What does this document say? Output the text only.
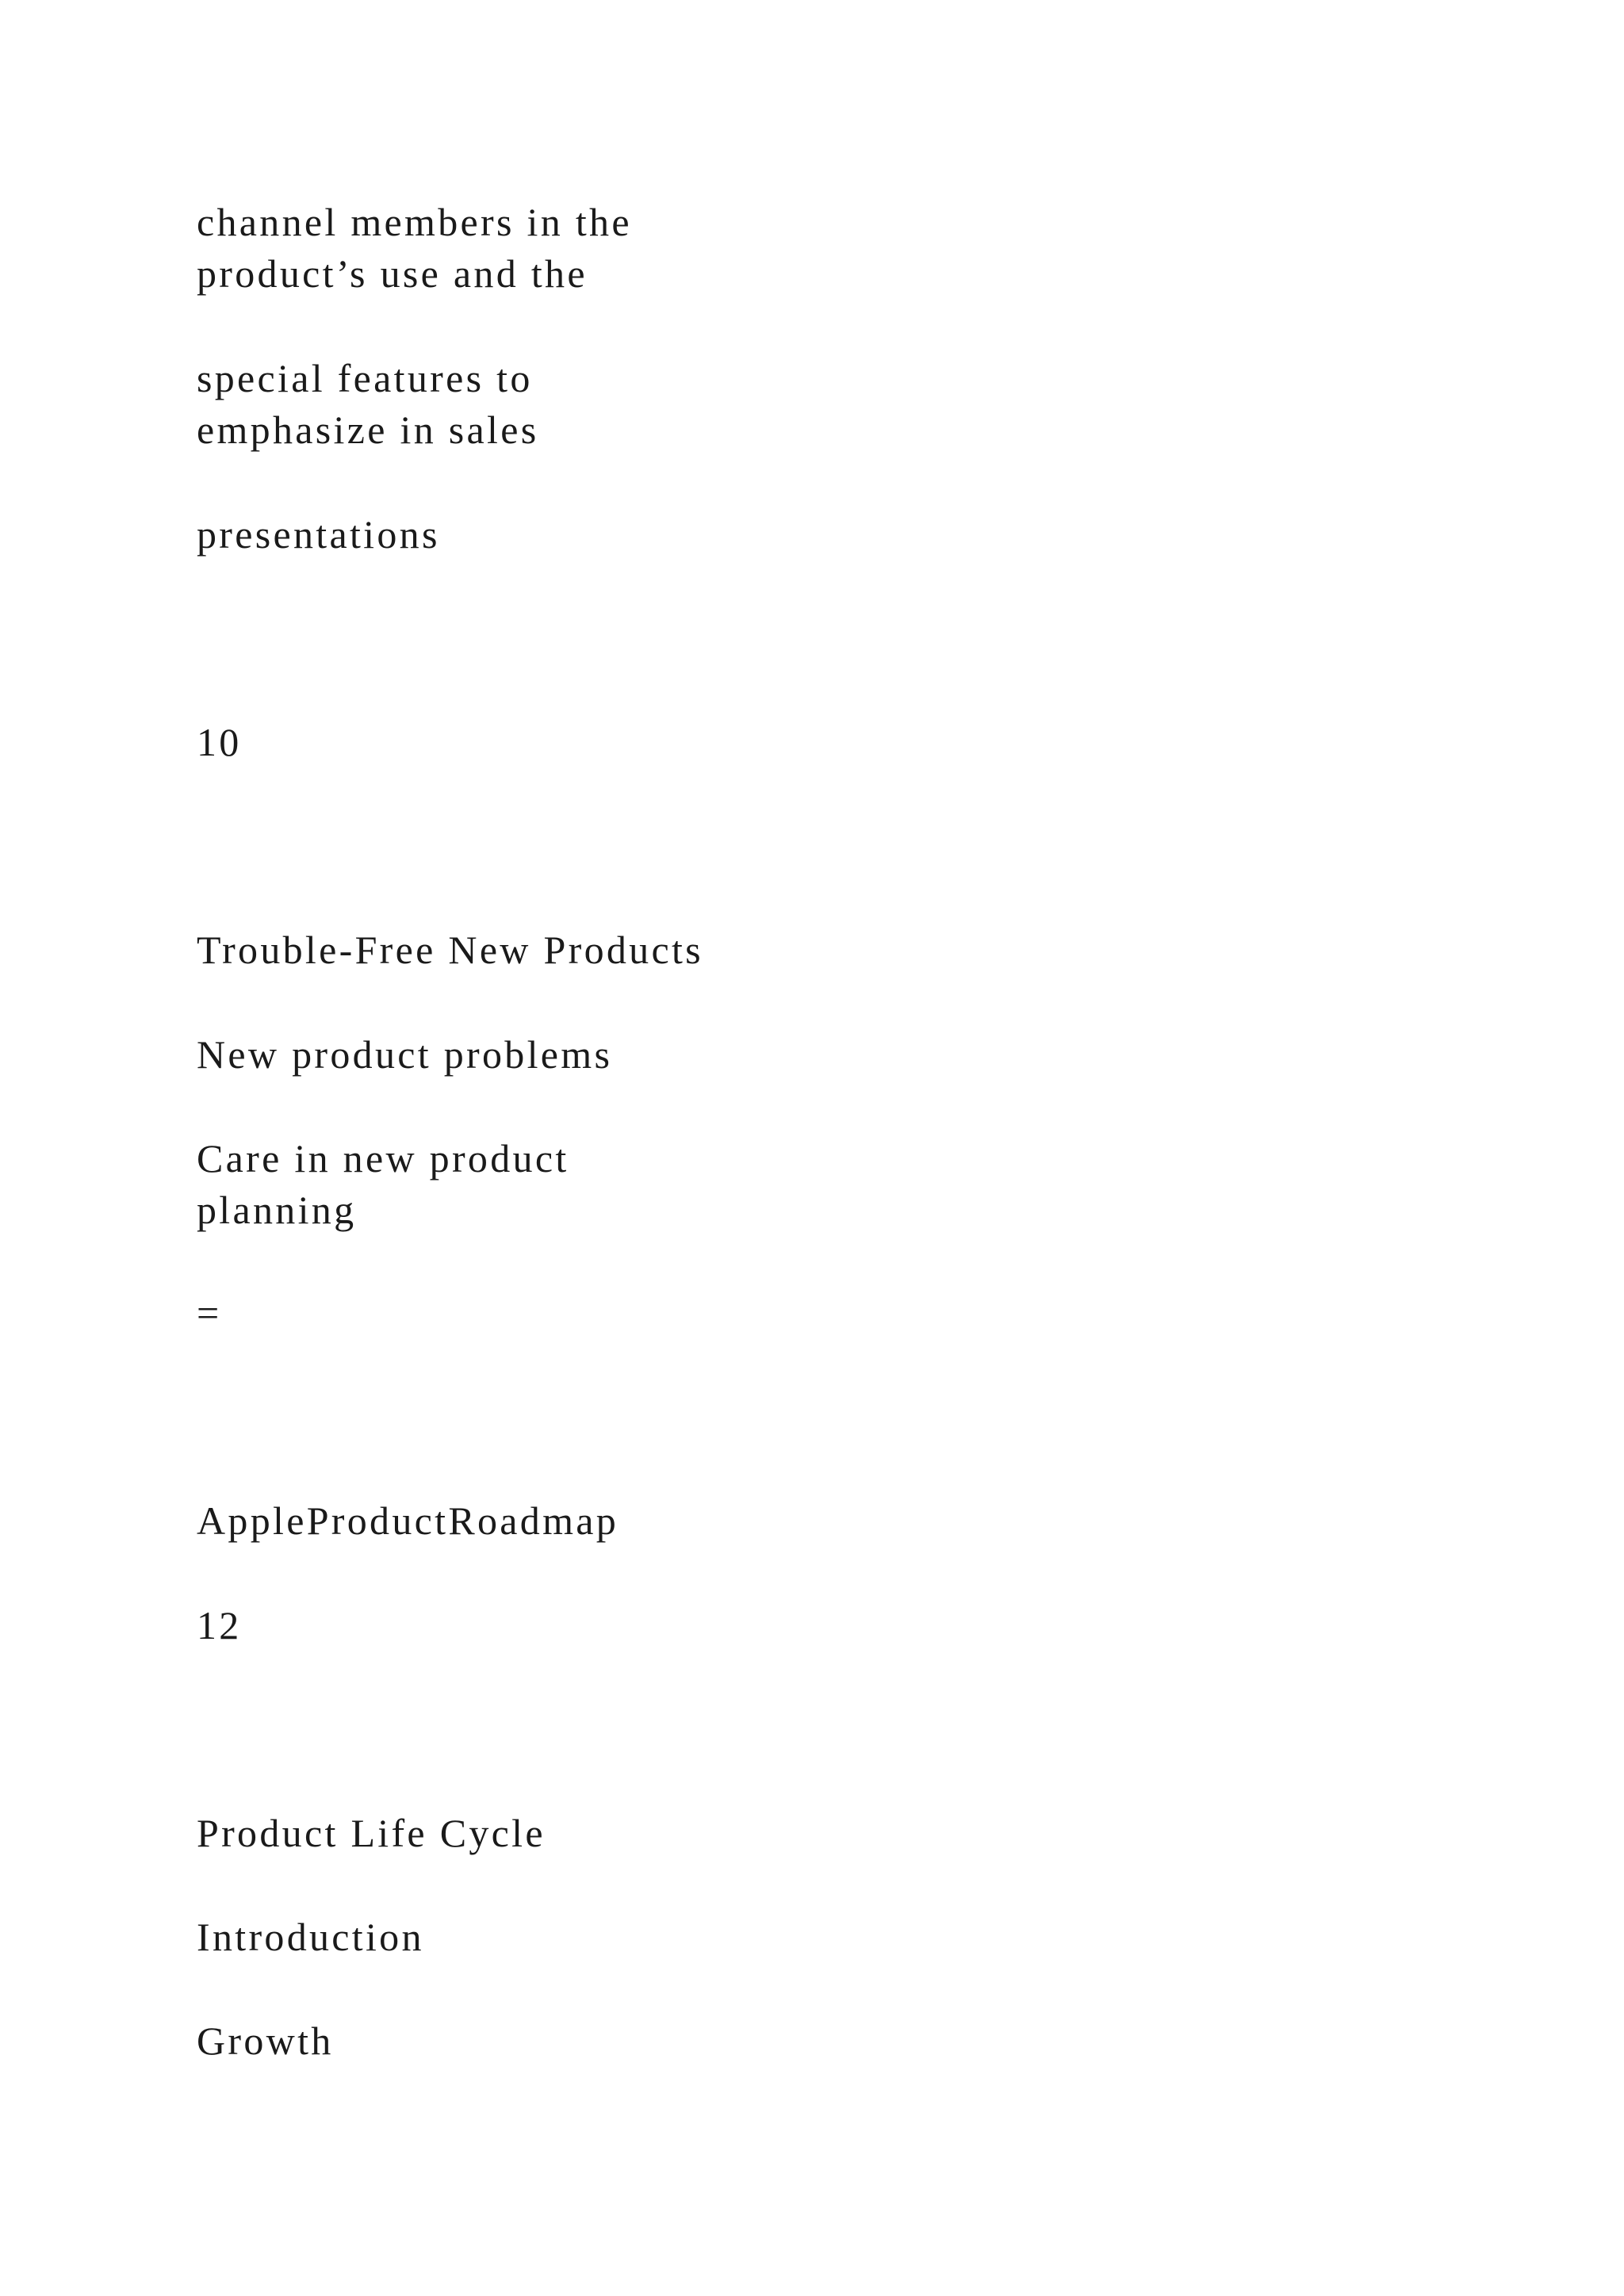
channel members in the

product’s use and the

special features to

emphasize in sales

presentations

10

Trouble-Free New Products

New product problems

Care in new product

planning

=

AppleProductRoadmap

12

Product Life Cycle

Introduction

Growth
